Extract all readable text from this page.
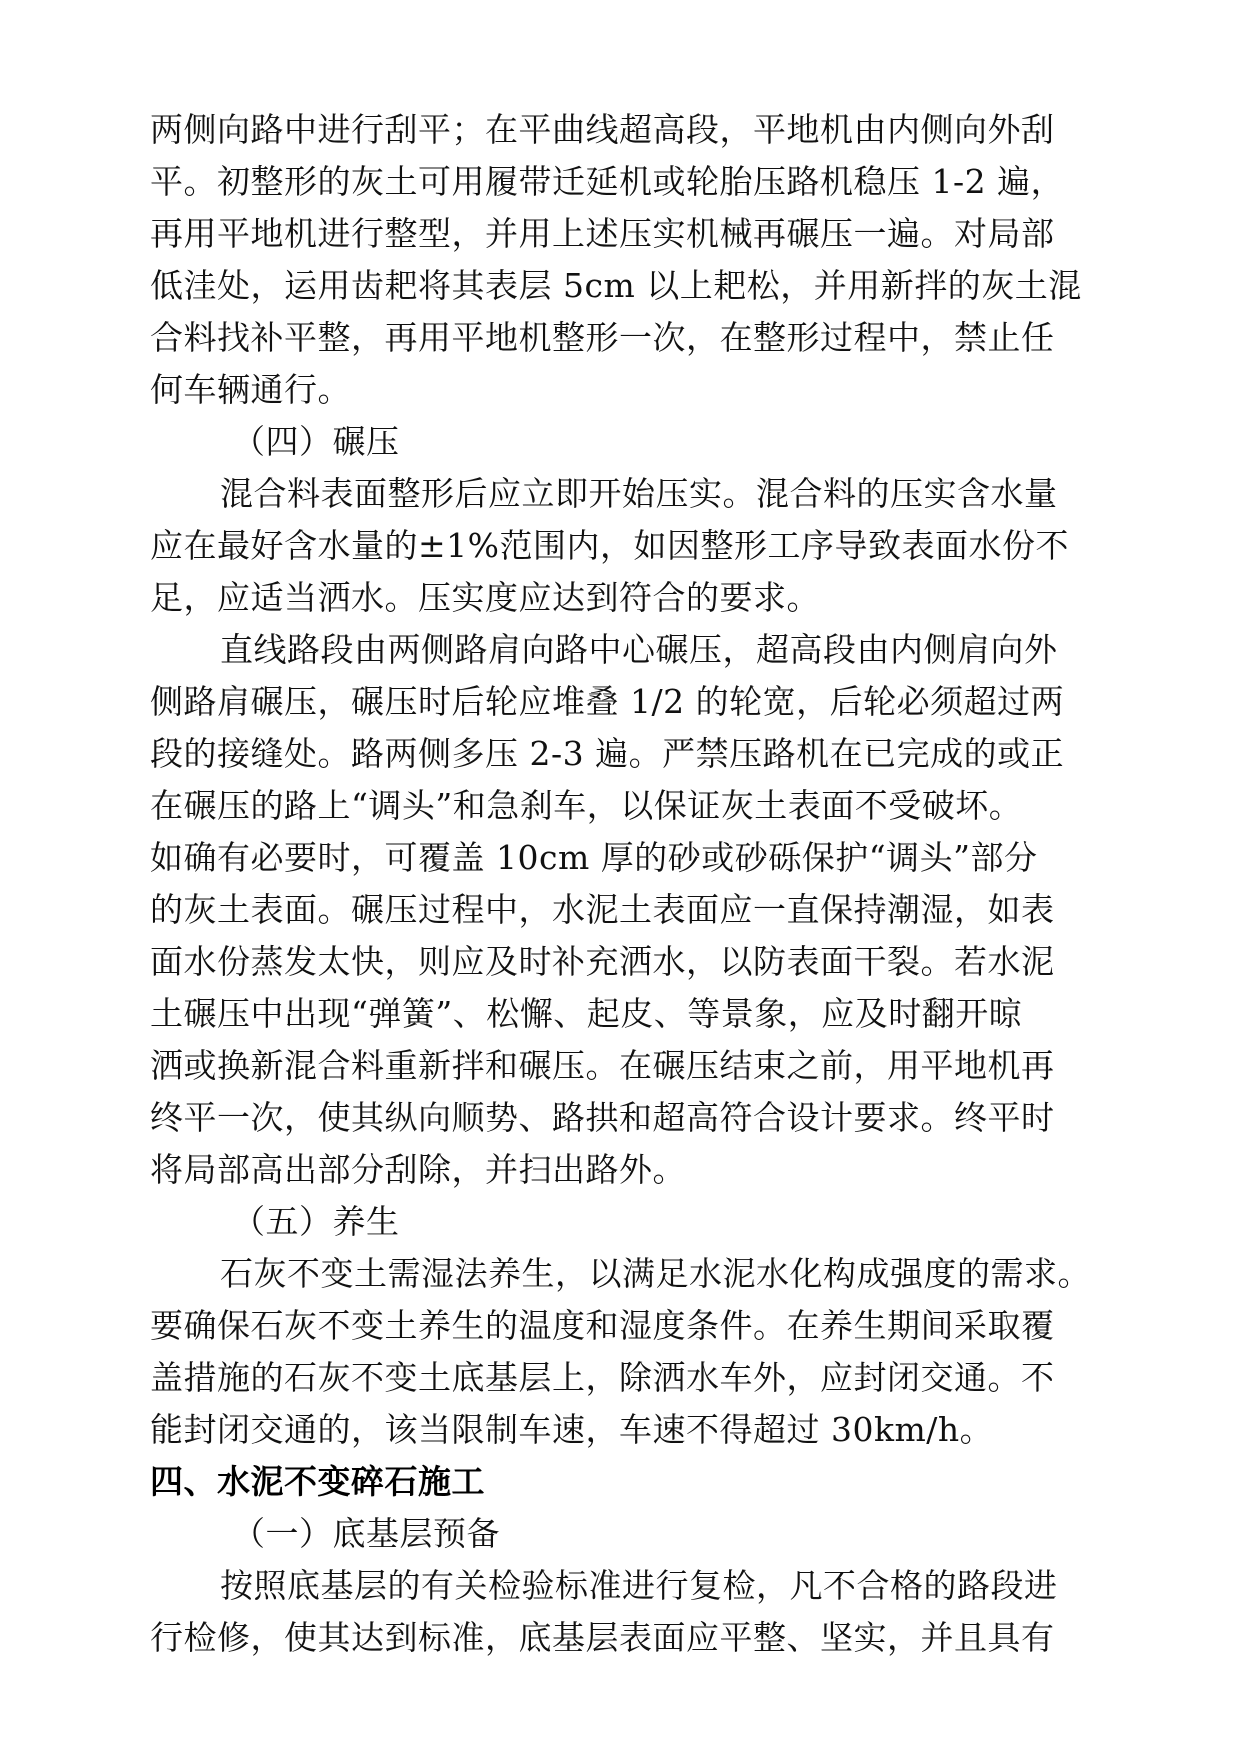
两侧向路中进行刮平；在平曲线超高段，平地机由内侧向外刮
平。初整形的灰土可用履带迁延机或轮胎压路机稳压 1-2 遍，
再用平地机进行整型，并用上述压实机械再碾压一遍。对局部
低洼处，运用齿耙将其表层 5cm 以上耙松，并用新拌的灰土混
合料找补平整，再用平地机整形一次，在整形过程中，禁止任
何车辆通行。
（四）碾压
混合料表面整形后应立即开始压实。混合料的压实含水量
应在最好含水量的±1%范围内，如因整形工序导致表面水份不
足，应适当洒水。压实度应达到符合的要求。
直线路段由两侧路肩向路中心碾压，超高段由内侧肩向外
侧路肩碾压，碾压时后轮应堆叠 1/2 的轮宽，后轮必须超过两
段的接缝处。路两侧多压 2-3 遍。严禁压路机在已完成的或正
在碾压的路上“调头”和急刹车，以保证灰土表面不受破坏。
如确有必要时，可覆盖 10cm 厚的砂或砂砾保护“调头”部分
的灰土表面。碾压过程中，水泥土表面应一直保持潮湿，如表
面水份蒸发太快，则应及时补充洒水，以防表面干裂。若水泥
土碾压中出现“弹簧”、松懈、起皮、等景象，应及时翻开晾
洒或换新混合料重新拌和碾压。在碾压结束之前，用平地机再
终平一次，使其纵向顺势、路拱和超高符合设计要求。终平时
将局部高出部分刮除，并扫出路外。
（五）养生
石灰不变土需湿法养生，以满足水泥水化构成强度的需求。
要确保石灰不变土养生的温度和湿度条件。在养生期间采取覆
盖措施的石灰不变土底基层上，除洒水车外，应封闭交通。不
能封闭交通的，该当限制车速，车速不得超过 30km/h。
四、水泥不变碎石施工
（一）底基层预备
按照底基层的有关检验标准进行复检，凡不合格的路段进
行检修，使其达到标准，底基层表面应平整、坚实，并且具有
